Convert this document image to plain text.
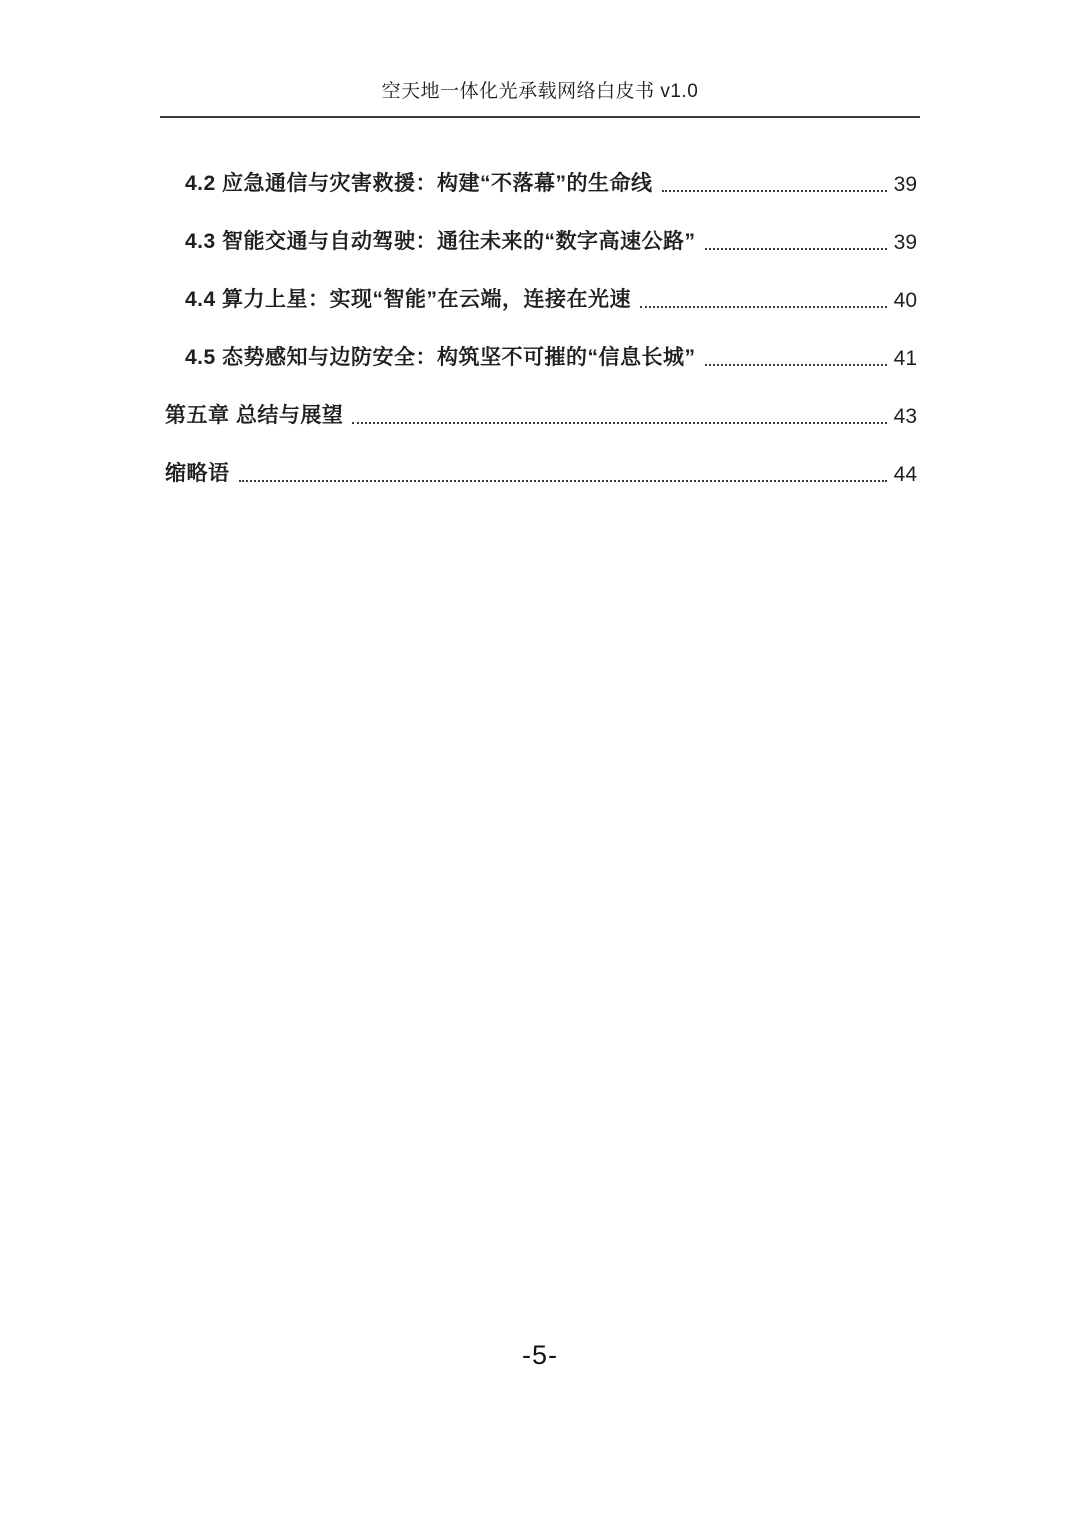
空天地一体化光承载网络白皮书 v1.0
4.2 应急通信与灾害救援：构建“不落幕”的生命线	39
4.3 智能交通与自动驾驶：通往未来的“数字高速公路”	39
4.4 算力上星：实现“智能”在云端，连接在光速	40
4.5 态势感知与边防安全：构筑坚不可摧的“信息长城”	41
第五章 总结与展望	43
缩略语	44
-5-
